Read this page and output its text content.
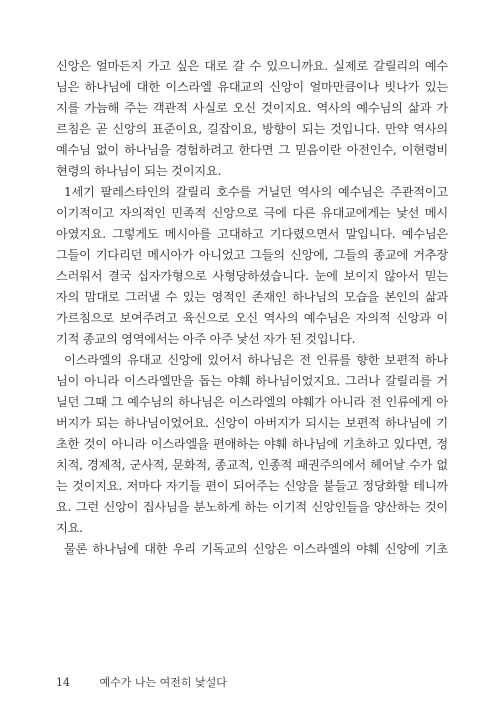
신앙은 얼마든지 가고 싶은 대로 갈 수 있으니까요. 실제로 갈릴리의 예수
님은 하나님에 대한 이스라엘 유대교의 신앙이 얼마만큼이나 빗나가 있는
지를 가늠해 주는 객관적 사실로 오신 것이지요. 역사의 예수님의 삶과 가
르침은 곧 신앙의 표준이요, 길잡이요, 방향이 되는 것입니다. 만약 역사의
예수님 없이 하나님을 경험하려고 한다면 그 믿음이란 아전인수, 이현령비
현령의 하나님이 되는 것이지요.
1세기 팔레스타인의 갈릴리 호수를 거닐던 역사의 예수님은 주관적이고
이기적이고 자의적인 민족적 신앙으로 극에 다른 유대교에게는 낯선 메시
아였지요. 그렇게도 메시아를 고대하고 기다렸으면서 말입니다. 예수님은
그들이 기다리던 메시아가 아니었고 그들의 신앙에, 그들의 종교에 거추장
스러워서 결국 십자가형으로 사형당하셨습니다. 눈에 보이지 않아서 믿는
자의 맘대로 그러낼 수 있는 영적인 존재인 하나님의 모습을 본인의 삶과
가르침으로 보여주려고 육신으로 오신 역사의 예수님은 자의적 신앙과 이
기적 종교의 영역에서는 아주 아주 낯선 자가 된 것입니다.
이스라엘의 유대교 신앙에 있어서 하나님은 전 인류를 향한 보편적 하나
님이 아니라 이스라엘만을 돕는 야훼 하나님이었지요. 그러나 갈릴리를 거
닐던 그때 그 예수님의 하나님은 이스라엘의 야훼가 아니라 전 인류에게 아
버지가 되는 하나님이었어요. 신앙이 아버지가 되시는 보편적 하나님에 기
초한 것이 아니라 이스라엘을 편애하는 야훼 하나님에 기초하고 있다면, 정
치적, 경제적, 군사적, 문화적, 종교적, 인종적 패권주의에서 헤어날 수가 없
는 것이지요. 저마다 자기들 편이 되어주는 신앙을 붙들고 정당화할 테니까
요. 그런 신앙이 집사님을 분노하게 하는 이기적 신앙인들을 양산하는 것이
지요.
물론 하나님에 대한 우리 기독교의 신앙은 이스라엘의 야훼 신앙에 기초
14	예수가 나는 여전히 낯설다
